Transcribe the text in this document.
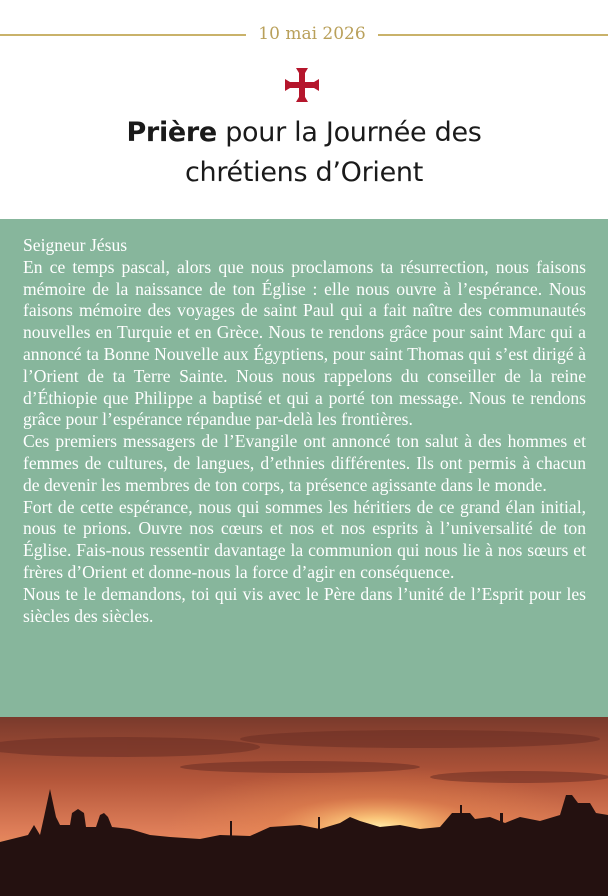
10 mai 2026
Prière pour la Journée des
chrétiens d’Orient

Seigneur Jésus

En ce temps pascal, alors que nous proclamons ta résurrection, nous faisons mémoire de la naissance de ton Église : elle nous ouvre à l’espérance. Nous faisons mémoire des voyages de saint Paul qui a fait naître des communautés nouvelles en Turquie et en Grèce. Nous te rendons grâce pour saint Marc qui a annoncé ta Bonne Nouvelle aux Égyptiens, pour saint Thomas qui s’est dirigé à l’Orient de ta Terre Sainte. Nous nous rappelons du conseiller de la reine d’Éthiopie que Philippe a baptisé et qui a porté ton message. Nous te rendons grâce pour l’espérance répandue par-delà les frontières.

Ces premiers messagers de l’Evangile ont annoncé ton salut à des hommes et femmes de cultures, de langues, d’ethnies différentes. Ils ont permis à chacun de devenir les membres de ton corps, ta présence agissante dans le monde.

Fort de cette espérance, nous qui sommes les héritiers de ce grand élan initial, nous te prions. Ouvre nos cœurs et nos et nos esprits à l’universalité de ton Église. Fais-nous ressentir davantage la communion qui nous lie à nos sœurs et frères d’Orient et donne-nous la force d’agir en conséquence.

Nous te le demandons, toi qui vis avec le Père dans l’unité de l’Esprit pour les siècles des siècles.
